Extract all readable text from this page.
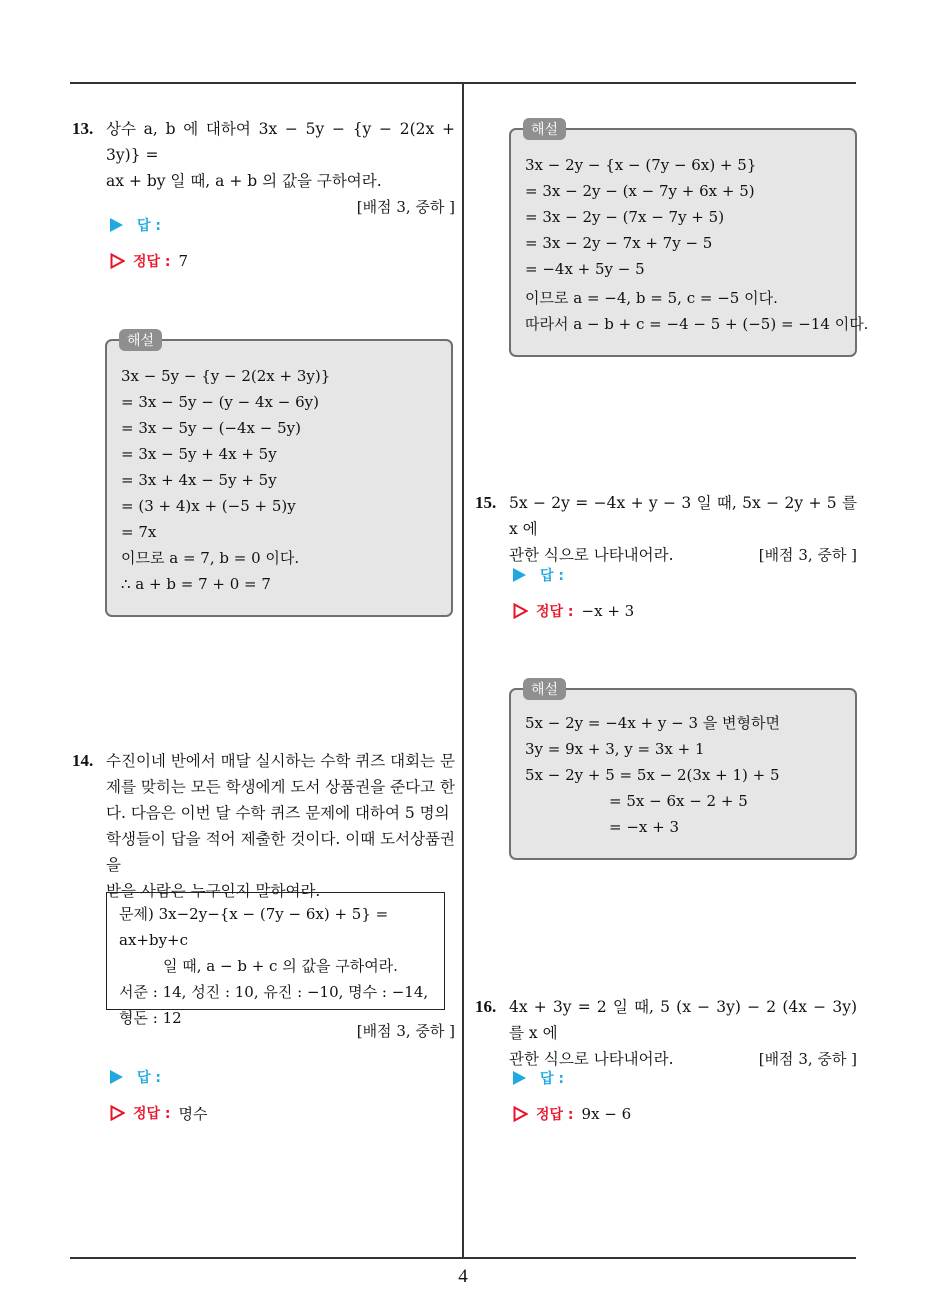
13. 상수 a, b 에 대하여 3x − 5y − {y − 2(2x + 3y)} =
ax + by 일 때, a + b 의 값을 구하여라.
[배점 3, 중하 ]
답 :
정답 : 7
해설
3x − 5y − {y − 2(2x + 3y)}
= 3x − 5y − (y − 4x − 6y)
= 3x − 5y − (−4x − 5y)
= 3x − 5y + 4x + 5y
= 3x + 4x − 5y + 5y
= (3 + 4)x + (−5 + 5)y
= 7x
이므로 a = 7, b = 0 이다.
∴ a + b = 7 + 0 = 7
14. 수진이네 반에서 매달 실시하는 수학 퀴즈 대회는 문
제를 맞히는 모든 학생에게 도서 상품권을 준다고 한
다. 다음은 이번 달 수학 퀴즈 문제에 대하여 5 명의
학생들이 답을 적어 제출한 것이다. 이때 도서상품권을
받을 사람은 누구인지 말하여라.
문제) 3x−2y−{x − (7y − 6x) + 5} = ax+by+c
일 때, a − b + c 의 값을 구하여라.
서준 : 14, 성진 : 10, 유진 : −10, 명수 : −14,
형돈 : 12
[배점 3, 중하 ]
답 :
정답 : 명수
해설
3x − 2y − {x − (7y − 6x) + 5}
= 3x − 2y − (x − 7y + 6x + 5)
= 3x − 2y − (7x − 7y + 5)
= 3x − 2y − 7x + 7y − 5
= −4x + 5y − 5
이므로 a = −4, b = 5, c = −5 이다.
따라서 a − b + c = −4 − 5 + (−5) = −14 이다.
15. 5x − 2y = −4x + y − 3 일 때, 5x − 2y + 5 를 x 에
관한 식으로 나타내어라.	[배점 3, 중하 ]
답 :
정답 : −x + 3
해설
5x − 2y = −4x + y − 3 을 변형하면
3y = 9x + 3, y = 3x + 1
5x − 2y + 5 = 5x − 2(3x + 1) + 5
= 5x − 6x − 2 + 5
= −x + 3
16. 4x + 3y = 2 일 때, 5 (x − 3y) − 2 (4x − 3y) 를 x 에
관한 식으로 나타내어라.	[배점 3, 중하 ]
답 :
정답 : 9x − 6
4
